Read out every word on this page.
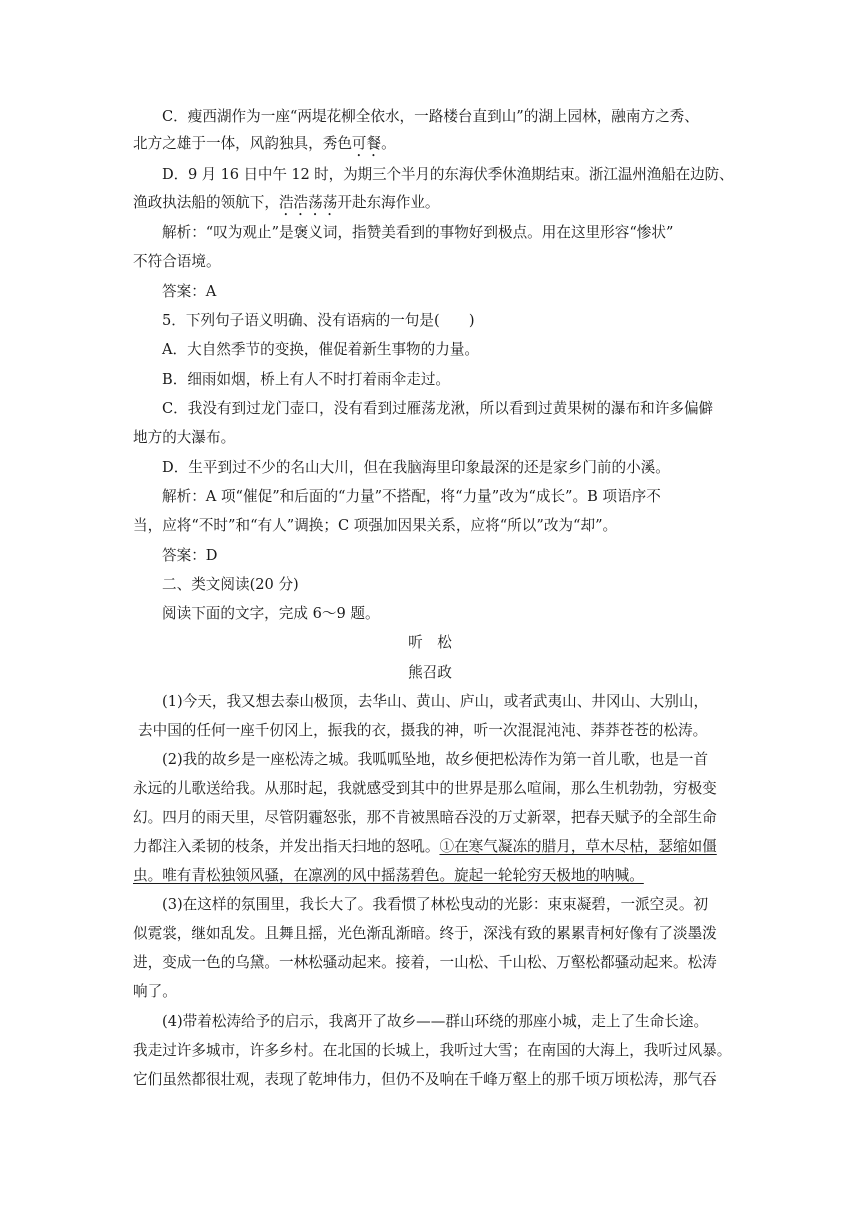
C．瘦西湖作为一座“两堤花柳全依水，一路楼台直到山”的湖上园林，融南方之秀、
北方之雄于一体，风韵独具，秀色可餐。
D．9 月 16 日中午 12 时，为期三个半月的东海伏季休渔期结束。浙江温州渔船在边防、
渔政执法船的领航下，浩浩荡荡开赴东海作业。
解析：“叹为观止”是褒义词，指赞美看到的事物好到极点。用在这里形容“惨状”
不符合语境。
答案：A
5．下列句子语义明确、没有语病的一句是(　　)
A．大自然季节的变换，催促着新生事物的力量。
B．细雨如烟，桥上有人不时打着雨伞走过。
C．我没有到过龙门壶口，没有看到过雁荡龙湫，所以看到过黄果树的瀑布和许多偏僻
地方的大瀑布。
D．生平到过不少的名山大川，但在我脑海里印象最深的还是家乡门前的小溪。
解析：A 项“催促”和后面的“力量”不搭配，将“力量”改为“成长”。B 项语序不
当，应将“不时”和“有人”调换；C 项强加因果关系，应将“所以”改为“却”。
答案：D
二、类文阅读(20 分)
阅读下面的文字，完成 6～9 题。
听　松
熊召政
(1)今天，我又想去泰山极顶，去华山、黄山、庐山，或者武夷山、井冈山、大别山，
去中国的任何一座千仞冈上，振我的衣，摄我的神，听一次混混沌沌、莽莽苍苍的松涛。
(2)我的故乡是一座松涛之城。我呱呱坠地，故乡便把松涛作为第一首儿歌，也是一首
永远的儿歌送给我。从那时起，我就感受到其中的世界是那么喧闹，那么生机勃勃，穷极变
幻。四月的雨天里，尽管阴霾怒张，那不肯被黑暗吞没的万丈新翠，把春天赋予的全部生命
力都注入柔韧的枝条，并发出指天扫地的怒吼。①在寒气凝冻的腊月，草木尽枯，瑟缩如僵
虫。唯有青松独领风骚，在凛冽的风中摇荡碧色。旋起一轮轮穷天极地的呐喊。
(3)在这样的氛围里，我长大了。我看惯了林松曳动的光影：束束凝碧，一派空灵。初
似霓裳，继如乱发。且舞且摇，光色渐乱渐暗。终于，深浅有致的累累青柯好像有了淡墨泼
进，变成一色的乌黛。一林松骚动起来。接着，一山松、千山松、万壑松都骚动起来。松涛
响了。
(4)带着松涛给予的启示，我离开了故乡——群山环绕的那座小城，走上了生命长途。
我走过许多城市，许多乡村。在北国的长城上，我听过大雪；在南国的大海上，我听过风暴。
它们虽然都很壮观，表现了乾坤伟力，但仍不及响在千峰万壑上的那千顷万顷松涛，那气吞
